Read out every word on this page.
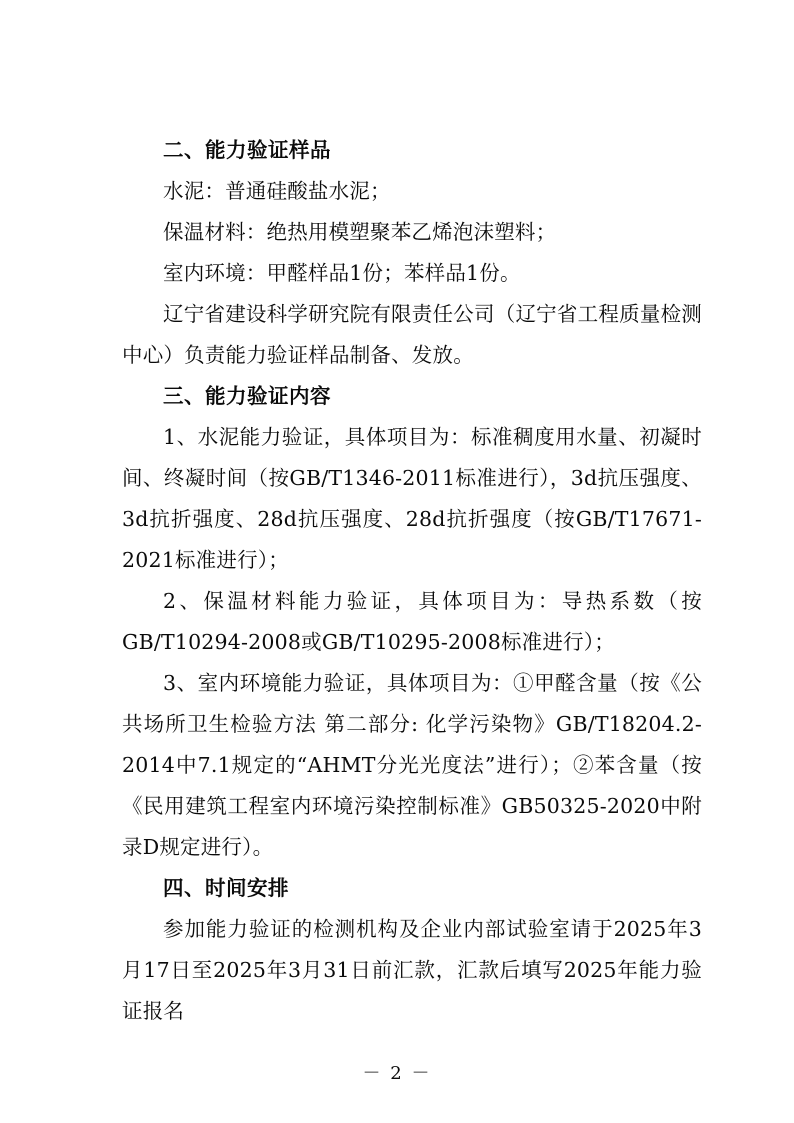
二、能力验证样品

水泥：普通硅酸盐水泥；

保温材料：绝热用模塑聚苯乙烯泡沫塑料；

室内环境：甲醛样品1份；苯样品1份。

辽宁省建设科学研究院有限责任公司（辽宁省工程质量检测中心）负责能力验证样品制备、发放。

三、能力验证内容

1、水泥能力验证，具体项目为：标准稠度用水量、初凝时间、终凝时间（按GB/T1346-2011标准进行），3d抗压强度、3d抗折强度、28d抗压强度、28d抗折强度（按GB/T17671-2021标准进行）；

2、保温材料能力验证，具体项目为：导热系数（按GB/T10294-2008或GB/T10295-2008标准进行）；

3、室内环境能力验证，具体项目为：①甲醛含量（按《公共场所卫生检验方法 第二部分: 化学污染物》GB/T18204.2-2014中7.1规定的“AHMT分光光度法”进行）；②苯含量（按《民用建筑工程室内环境污染控制标准》GB50325-2020中附录D规定进行）。

四、时间安排

参加能力验证的检测机构及企业内部试验室请于2025年3月17日至2025年3月31日前汇款，汇款后填写2025年能力验证报名

－ 2 －
